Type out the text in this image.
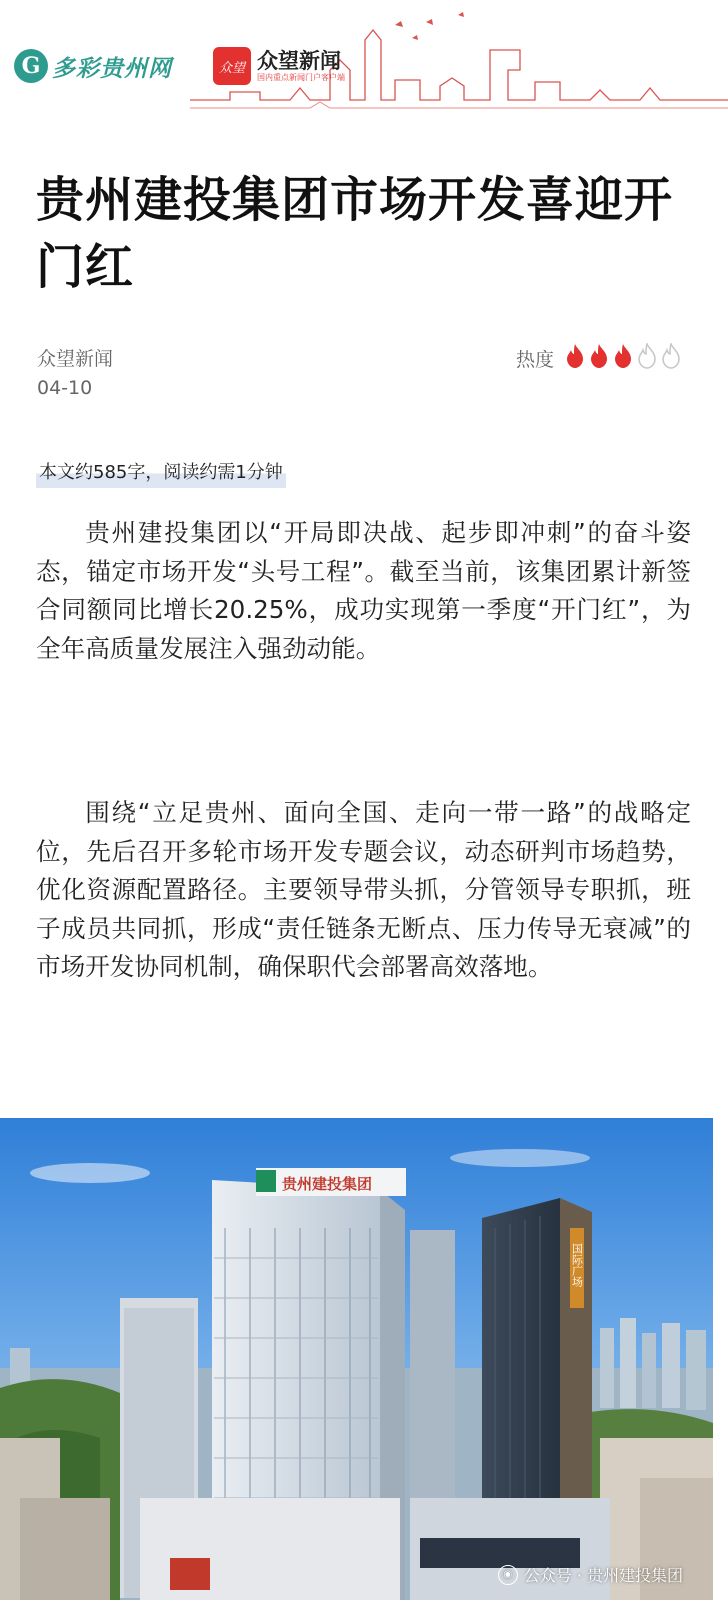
G 多彩贵州网	众望 众望新闻
国内重点新闻门户客户端
贵州建投集团市场开发喜迎开门红
众望新闻
04-10
热度
本文约585字，阅读约需1分钟

贵州建投集团以“开局即决战、起步即冲刺”的奋斗姿态，锚定市场开发“头号工程”。截至当前，该集团累计新签合同额同比增长20.25%，成功实现第一季度“开门红”，为全年高质量发展注入强劲动能。

围绕“立足贵州、面向全国、走向一带一路”的战略定位，先后召开多轮市场开发专题会议，动态研判市场趋势，优化资源配置路径。主要领导带头抓，分管领导专职抓，班子成员共同抓，形成“责任链条无断点、压力传导无衰减”的市场开发协同机制，确保职代会部署高效落地。

贵州建投集团
国际广场
◉ 公众号 · 贵州建投集团
